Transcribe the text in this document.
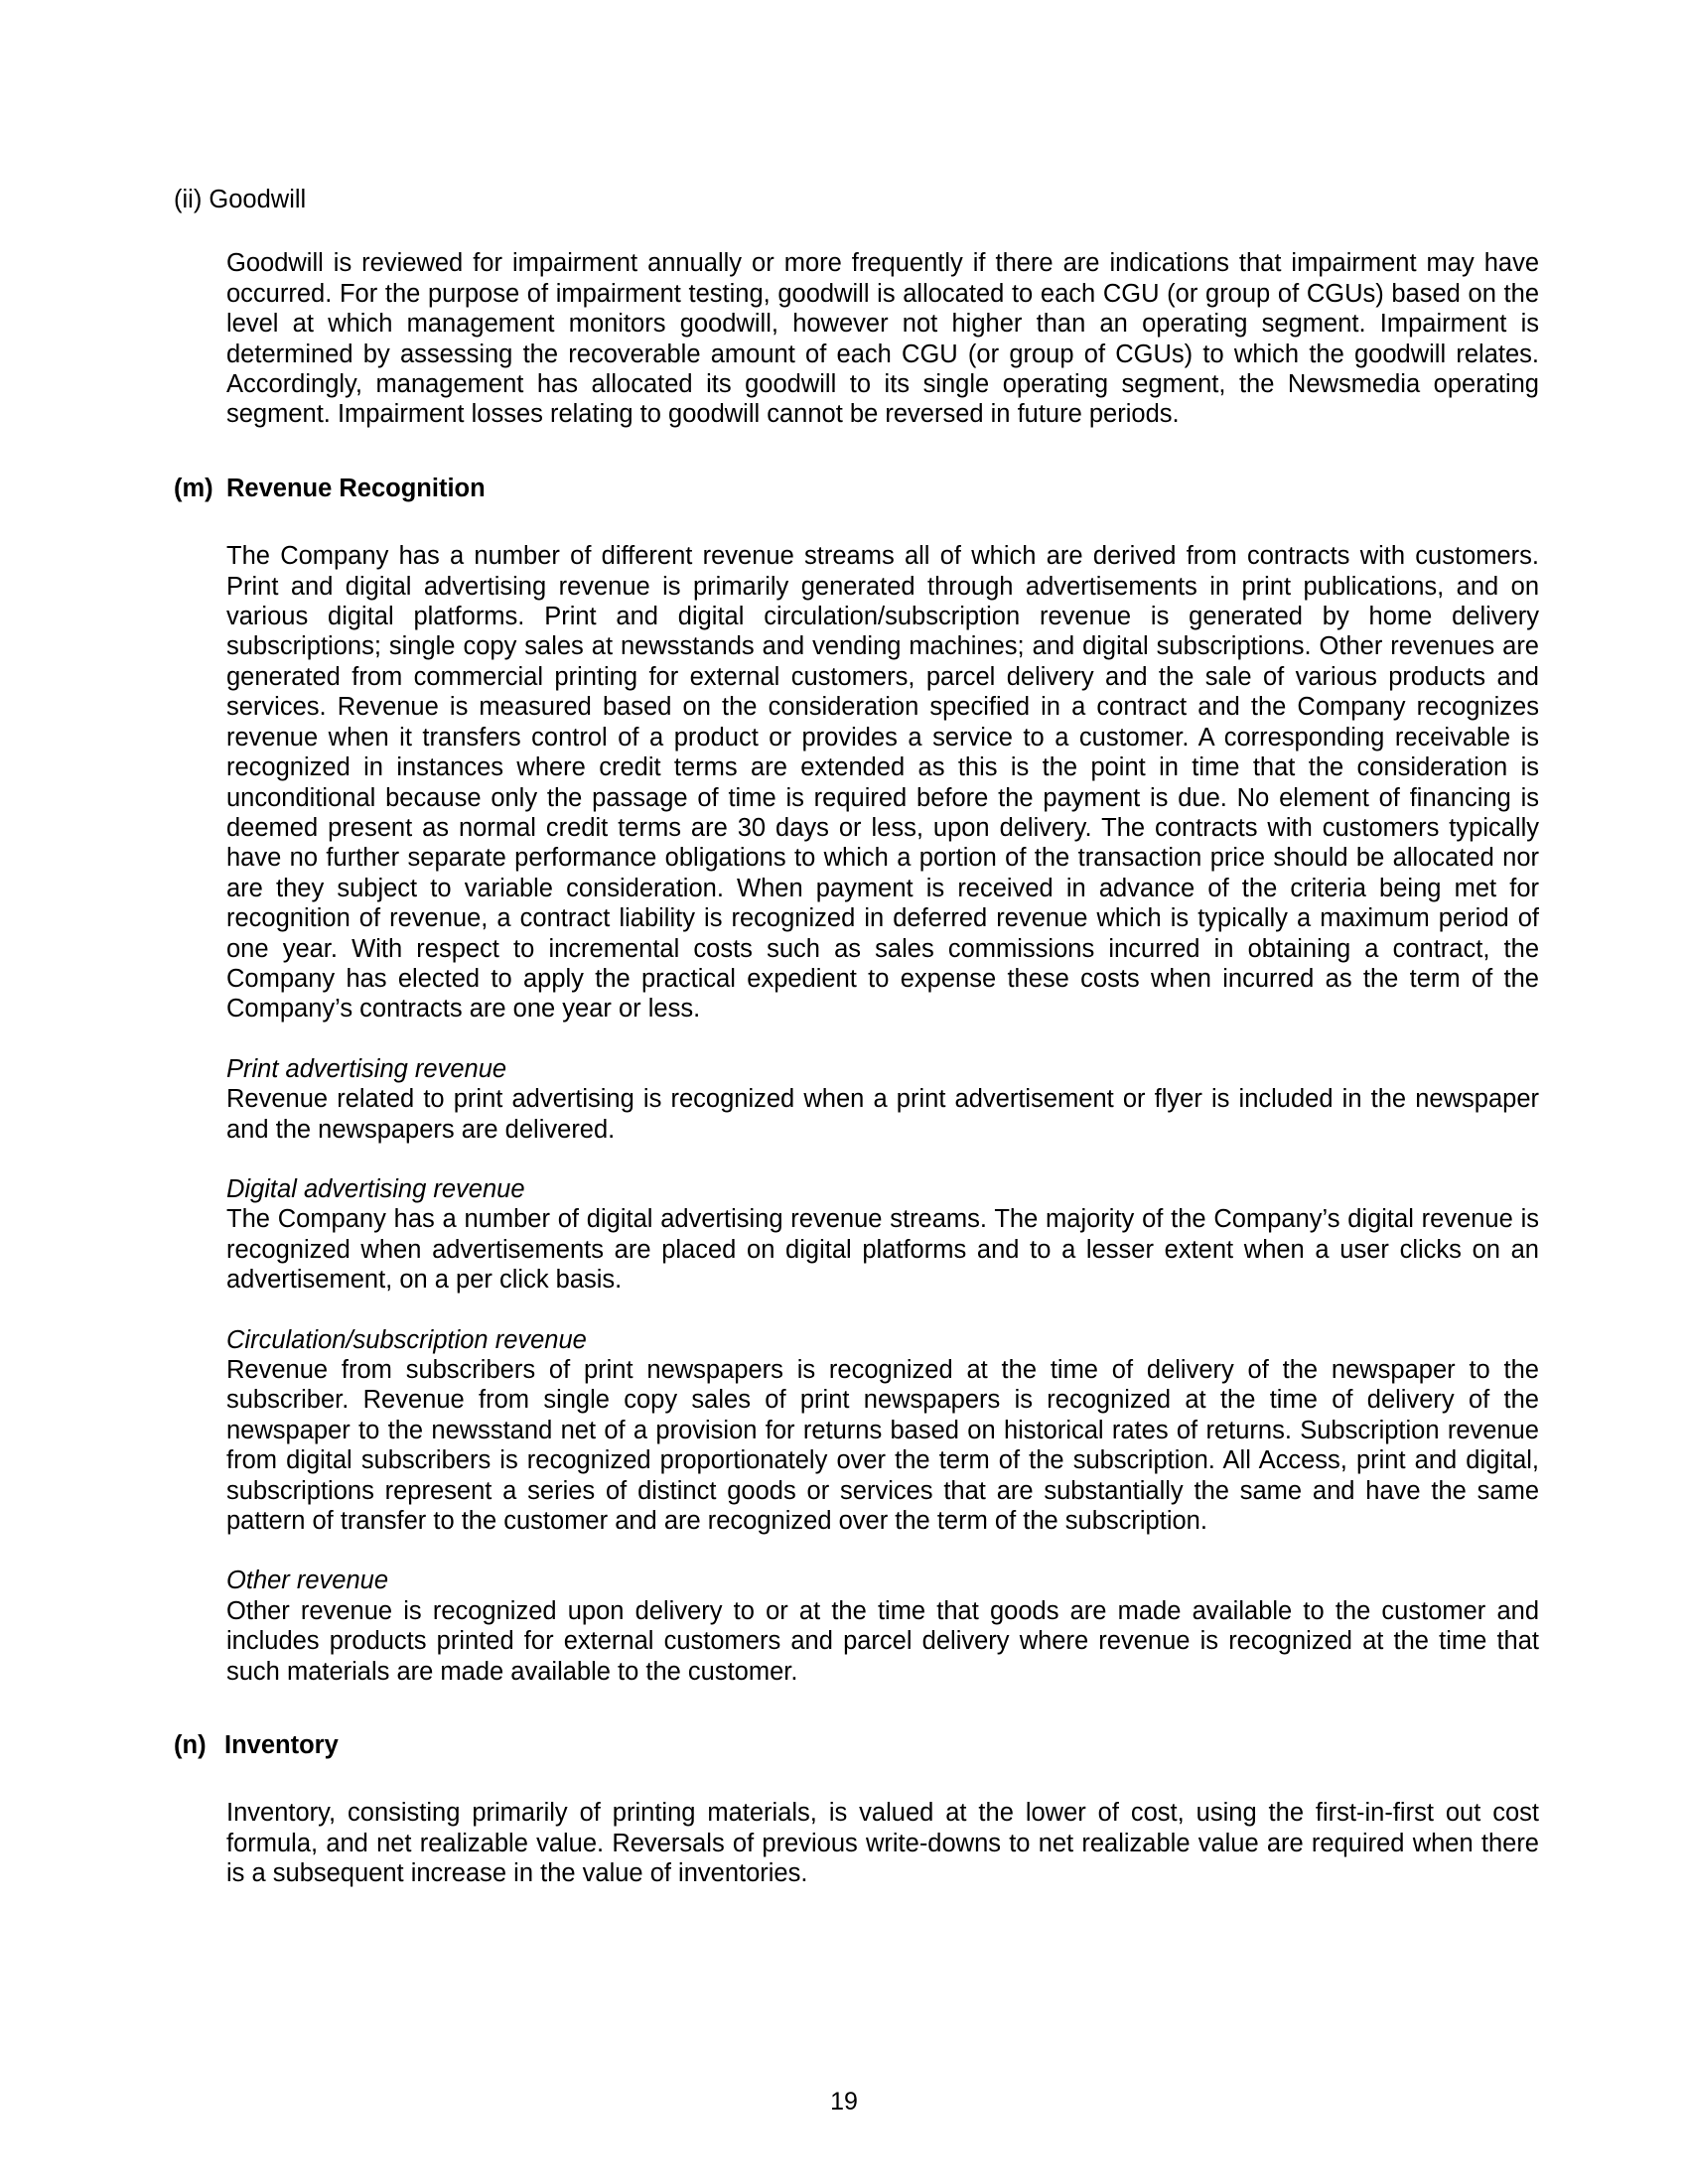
(ii) Goodwill

Goodwill is reviewed for impairment annually or more frequently if there are indications that impairment may have occurred. For the purpose of impairment testing, goodwill is allocated to each CGU (or group of CGUs) based on the level at which management monitors goodwill, however not higher than an operating segment. Impairment is determined by assessing the recoverable amount of each CGU (or group of CGUs) to which the goodwill relates. Accordingly, management has allocated its goodwill to its single operating segment, the Newsmedia operating segment. Impairment losses relating to goodwill cannot be reversed in future periods.

(m) Revenue Recognition

The Company has a number of different revenue streams all of which are derived from contracts with customers. Print and digital advertising revenue is primarily generated through advertisements in print publications, and on various digital platforms. Print and digital circulation/subscription revenue is generated by home delivery subscriptions; single copy sales at newsstands and vending machines; and digital subscriptions. Other revenues are generated from commercial printing for external customers, parcel delivery and the sale of various products and services. Revenue is measured based on the consideration specified in a contract and the Company recognizes revenue when it transfers control of a product or provides a service to a customer. A corresponding receivable is recognized in instances where credit terms are extended as this is the point in time that the consideration is unconditional because only the passage of time is required before the payment is due. No element of financing is deemed present as normal credit terms are 30 days or less, upon delivery. The contracts with customers typically have no further separate performance obligations to which a portion of the transaction price should be allocated nor are they subject to variable consideration. When payment is received in advance of the criteria being met for recognition of revenue, a contract liability is recognized in deferred revenue which is typically a maximum period of one year. With respect to incremental costs such as sales commissions incurred in obtaining a contract, the Company has elected to apply the practical expedient to expense these costs when incurred as the term of the Company’s contracts are one year or less.

Print advertising revenue

Revenue related to print advertising is recognized when a print advertisement or flyer is included in the newspaper and the newspapers are delivered.

Digital advertising revenue

The Company has a number of digital advertising revenue streams. The majority of the Company’s digital revenue is recognized when advertisements are placed on digital platforms and to a lesser extent when a user clicks on an advertisement, on a per click basis.

Circulation/subscription revenue

Revenue from subscribers of print newspapers is recognized at the time of delivery of the newspaper to the subscriber. Revenue from single copy sales of print newspapers is recognized at the time of delivery of the newspaper to the newsstand net of a provision for returns based on historical rates of returns. Subscription revenue from digital subscribers is recognized proportionately over the term of the subscription. All Access, print and digital, subscriptions represent a series of distinct goods or services that are substantially the same and have the same pattern of transfer to the customer and are recognized over the term of the subscription.

Other revenue

Other revenue is recognized upon delivery to or at the time that goods are made available to the customer and includes products printed for external customers and parcel delivery where revenue is recognized at the time that such materials are made available to the customer.

(n) Inventory

Inventory, consisting primarily of printing materials, is valued at the lower of cost, using the first-in-first out cost formula, and net realizable value. Reversals of previous write-downs to net realizable value are required when there is a subsequent increase in the value of inventories.

19
